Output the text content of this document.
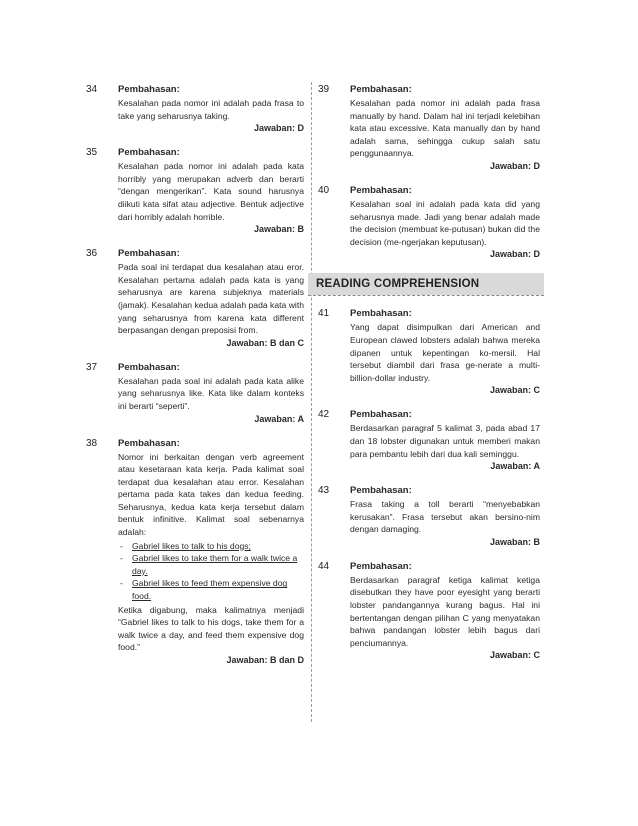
34 Pembahasan:
Kesalahan pada nomor ini adalah pada frasa to take yang seharusnya taking.
Jawaban: D
35 Pembahasan:
Kesalahan pada nomor ini adalah pada kata horribly yang merupakan adverb dan berarti “dengan mengerikan”. Kata sound harusnya diikuti kata sifat atau adjective. Bentuk adjective dari horribly adalah horrible.
Jawaban: B
36 Pembahasan:
Pada soal ini terdapat dua kesalahan atau eror. Kesalahan pertama adalah pada kata is yang seharusnya are karena subjeknya materials (jamak). Kesalahan kedua adalah pada kata with yang seharusnya from karena kata different berpasangan dengan preposisi from.
Jawaban: B dan C
37 Pembahasan:
Kesalahan pada soal ini adalah pada kata alike yang seharusnya like. Kata like dalam konteks ini berarti “seperti”.
Jawaban: A
38 Pembahasan:
Nomor ini berkaitan dengan verb agreement atau kesetaraan kata kerja. Pada kalimat soal terdapat dua kesalahan atau error. Kesalahan pertama pada kata takes dan kedua feeding. Seharusnya, kedua kata kerja tersebut dalam bentuk infinitive. Kalimat soal sebenarnya adalah:
- Gabriel likes to talk to his dogs;
- Gabriel likes to take them for a walk twice a day.
- Gabriel likes to feed them expensive dog food.
Ketika digabung, maka kalimatnya menjadi “Gabriel likes to talk to his dogs, take them for a walk twice a day, and feed them expensive dog food.”
Jawaban: B dan D
39 Pembahasan:
Kesalahan pada nomor ini adalah pada frasa manually by hand. Dalam hal ini terjadi kelebihan kata atau excessive. Kata manually dan by hand adalah sama, sehingga cukup salah satu penggunaannya.
Jawaban: D
40 Pembahasan:
Kesalahan soal ini adalah pada kata did yang seharusnya made. Jadi yang benar adalah made the decision (membuat ke-putusan) bukan did the decision (me-ngerjakan keputusan).
Jawaban: D
READING COMPREHENSION
41 Pembahasan:
Yang dapat disimpulkan dari American and European clawed lobsters adalah bahwa mereka dipanen untuk kepentingan ko-mersil. Hal tersebut diambil dari frasa ge-nerate a multi-billion-dollar industry.
Jawaban: C
42 Pembahasan:
Berdasarkan paragraf 5 kalimat 3, pada abad 17 dan 18 lobster digunakan untuk memberi makan para pembantu lebih dari dua kali seminggu.
Jawaban: A
43 Pembahasan:
Frasa taking a toll berarti “menyebabkan kerusakan”. Frasa tersebut akan bersino-nim dengan damaging.
Jawaban: B
44 Pembahasan:
Berdasarkan paragraf ketiga kalimat ketiga disebutkan they have poor eyesight yang berarti lobster pandangannya kurang bagus. Hal ini bertentangan dengan pilihan C yang menyatakan bahwa pandangan lobster lebih bagus dari penciumannya.
Jawaban: C
